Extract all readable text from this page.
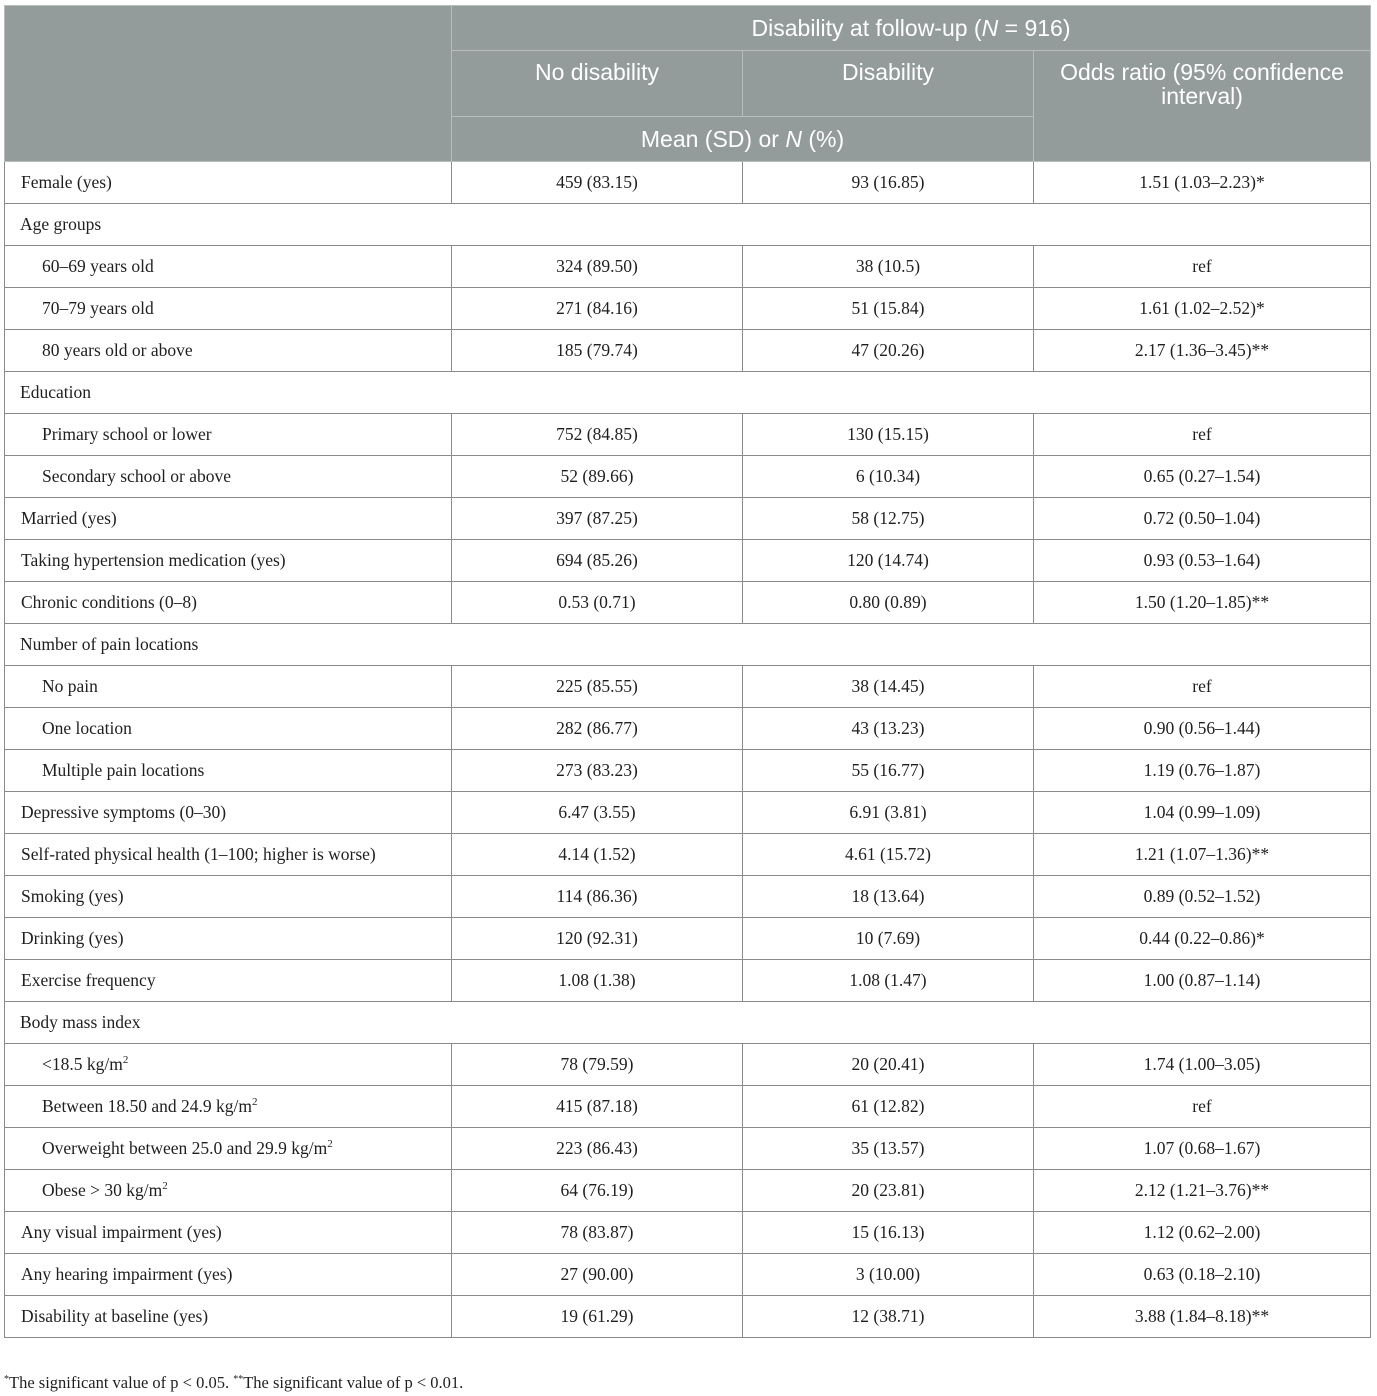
	Disability at follow-up (N = 916)		
	No disability	Disability	Odds ratio (95% confidence interval)

	Mean (SD) or N (%)		
Female (yes)	459 (83.15)	93 (16.85)	1.51 (1.03–2.23)*
Age groups			
60–69 years old	324 (89.50)	38 (10.5)	ref
70–79 years old	271 (84.16)	51 (15.84)	1.61 (1.02–2.52)*
80 years old or above	185 (79.74)	47 (20.26)	2.17 (1.36–3.45)**
Education			
Primary school or lower	752 (84.85)	130 (15.15)	ref
Secondary school or above	52 (89.66)	6 (10.34)	0.65 (0.27–1.54)
Married (yes)	397 (87.25)	58 (12.75)	0.72 (0.50–1.04)
Taking hypertension medication (yes)	694 (85.26)	120 (14.74)	0.93 (0.53–1.64)
Chronic conditions (0–8)	0.53 (0.71)	0.80 (0.89)	1.50 (1.20–1.85)**
Number of pain locations			
No pain	225 (85.55)	38 (14.45)	ref
One location	282 (86.77)	43 (13.23)	0.90 (0.56–1.44)
Multiple pain locations	273 (83.23)	55 (16.77)	1.19 (0.76–1.87)
Depressive symptoms (0–30)	6.47 (3.55)	6.91 (3.81)	1.04 (0.99–1.09)
Self-rated physical health (1–100; higher is worse)	4.14 (1.52)	4.61 (15.72)	1.21 (1.07–1.36)**
Smoking (yes)	114 (86.36)	18 (13.64)	0.89 (0.52–1.52)
Drinking (yes)	120 (92.31)	10 (7.69)	0.44 (0.22–0.86)*
Exercise frequency	1.08 (1.38)	1.08 (1.47)	1.00 (0.87–1.14)
Body mass index			
<18.5 $kg/m^2$	78 (79.59)	20 (20.41)	1.74 (1.00–3.05)
Between 18.50 and 24.9 $kg/m^2$	415 (87.18)	61 (12.82)	ref
Overweight between 25.0 and 29.9 $kg/m^2$	223 (86.43)	35 (13.57)	1.07 (0.68–1.67)
Obese > 30 $kg/m^2$	64 (76.19)	20 (23.81)	2.12 (1.21–3.76)**
Any visual impairment (yes)	78 (83.87)	15 (16.13)	1.12 (0.62–2.00)
Any hearing impairment (yes)	27 (90.00)	3 (10.00)	0.63 (0.18–2.10)
Disability at baseline (yes)	19 (61.29)	12 (38.71)	3.88 (1.84–8.18)**
*The significant value of p < 0.05. **The significant value of p < 0.01.
